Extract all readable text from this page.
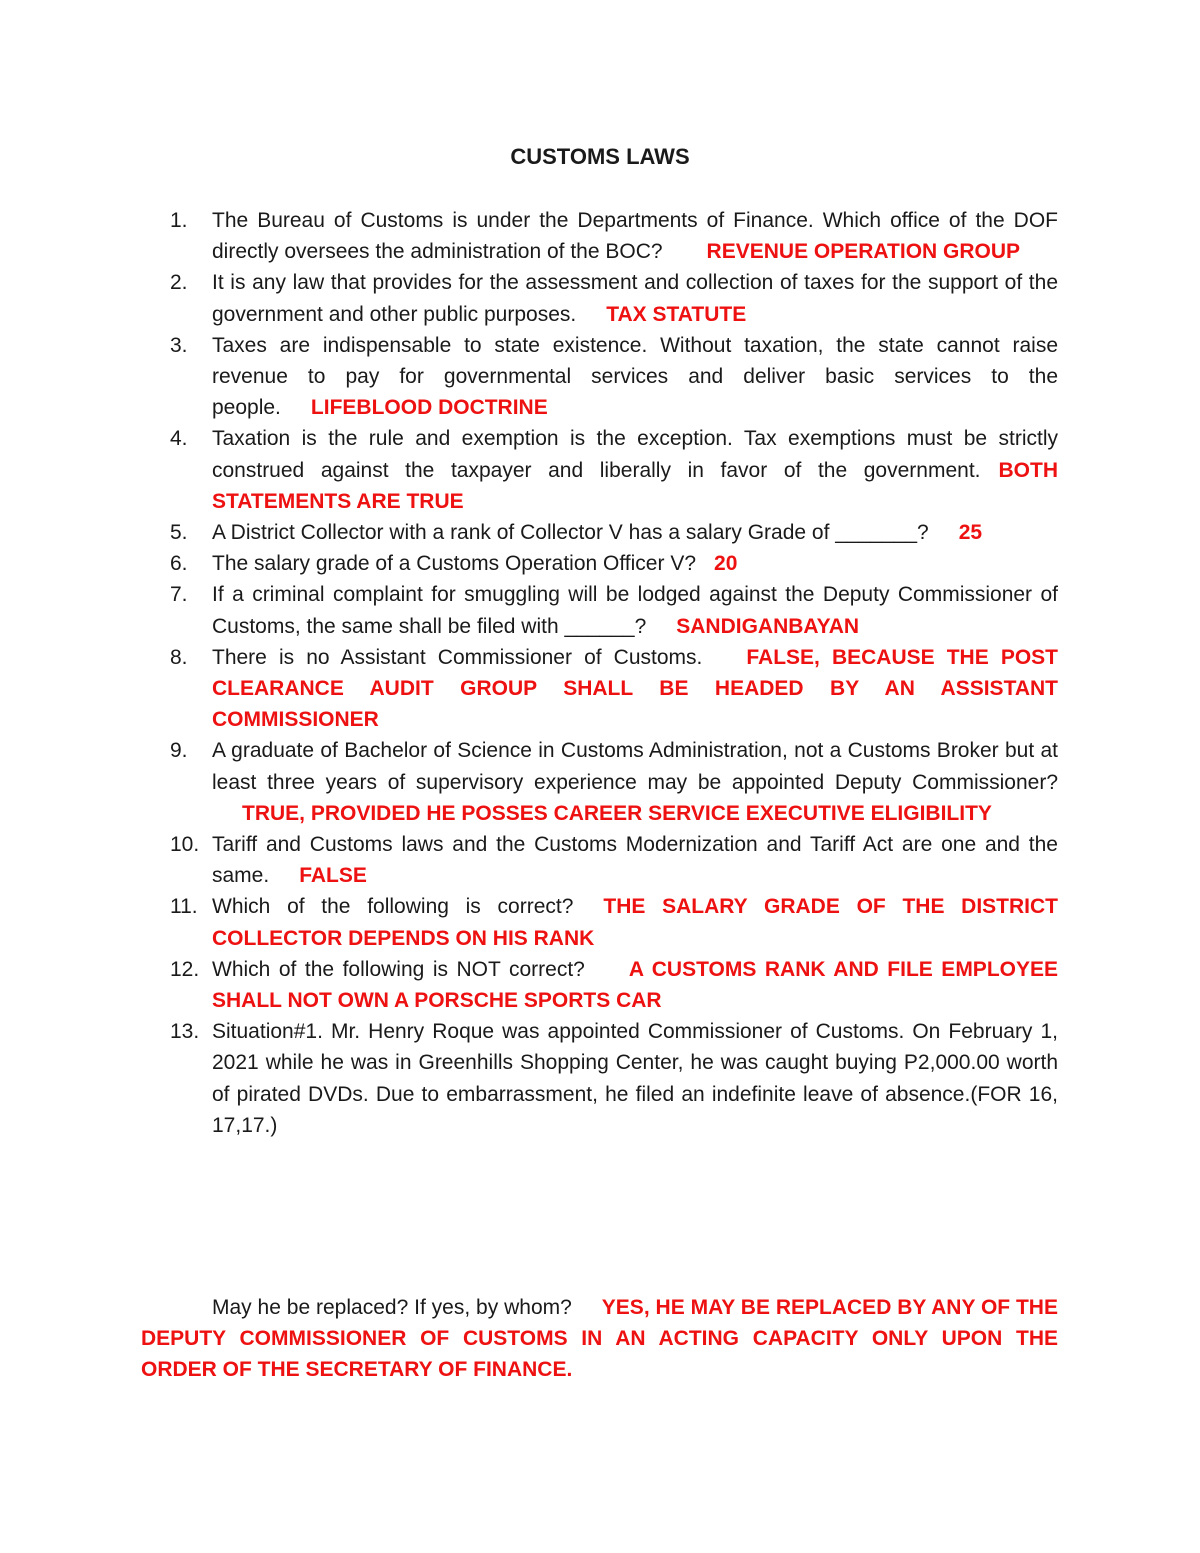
CUSTOMS LAWS
1. The Bureau of Customs is under the Departments of Finance. Which office of the DOF directly oversees the administration of the BOC? REVENUE OPERATION GROUP
2. It is any law that provides for the assessment and collection of taxes for the support of the government and other public purposes. TAX STATUTE
3. Taxes are indispensable to state existence. Without taxation, the state cannot raise revenue to pay for governmental services and deliver basic services to the people. LIFEBLOOD DOCTRINE
4. Taxation is the rule and exemption is the exception. Tax exemptions must be strictly construed against the taxpayer and liberally in favor of the government. BOTH STATEMENTS ARE TRUE
5. A District Collector with a rank of Collector V has a salary Grade of _______? 25
6. The salary grade of a Customs Operation Officer V? 20
7. If a criminal complaint for smuggling will be lodged against the Deputy Commissioner of Customs, the same shall be filed with ______? SANDIGANBAYAN
8. There is no Assistant Commissioner of Customs. FALSE, BECAUSE THE POST CLEARANCE AUDIT GROUP SHALL BE HEADED BY AN ASSISTANT COMMISSIONER
9. A graduate of Bachelor of Science in Customs Administration, not a Customs Broker but at least three years of supervisory experience may be appointed Deputy Commissioner?TRUE, PROVIDED HE POSSES CAREER SERVICE EXECUTIVE ELIGIBILITY
10. Tariff and Customs laws and the Customs Modernization and Tariff Act are one and the same. FALSE
11. Which of the following is correct? THE SALARY GRADE OF THE DISTRICT COLLECTOR DEPENDS ON HIS RANK
12. Which of the following is NOT correct? A CUSTOMS RANK AND FILE EMPLOYEE SHALL NOT OWN A PORSCHE SPORTS CAR
13. Situation#1. Mr. Henry Roque was appointed Commissioner of Customs. On February 1, 2021 while he was in Greenhills Shopping Center, he was caught buying P2,000.00 worth of pirated DVDs. Due to embarrassment, he filed an indefinite leave of absence.(FOR 16, 17,17.)

May he be replaced? If yes, by whom? YES, HE MAY BE REPLACED BY ANY OF THE DEPUTY COMMISSIONER OF CUSTOMS IN AN ACTING CAPACITY ONLY UPON THE ORDER OF THE SECRETARY OF FINANCE.
